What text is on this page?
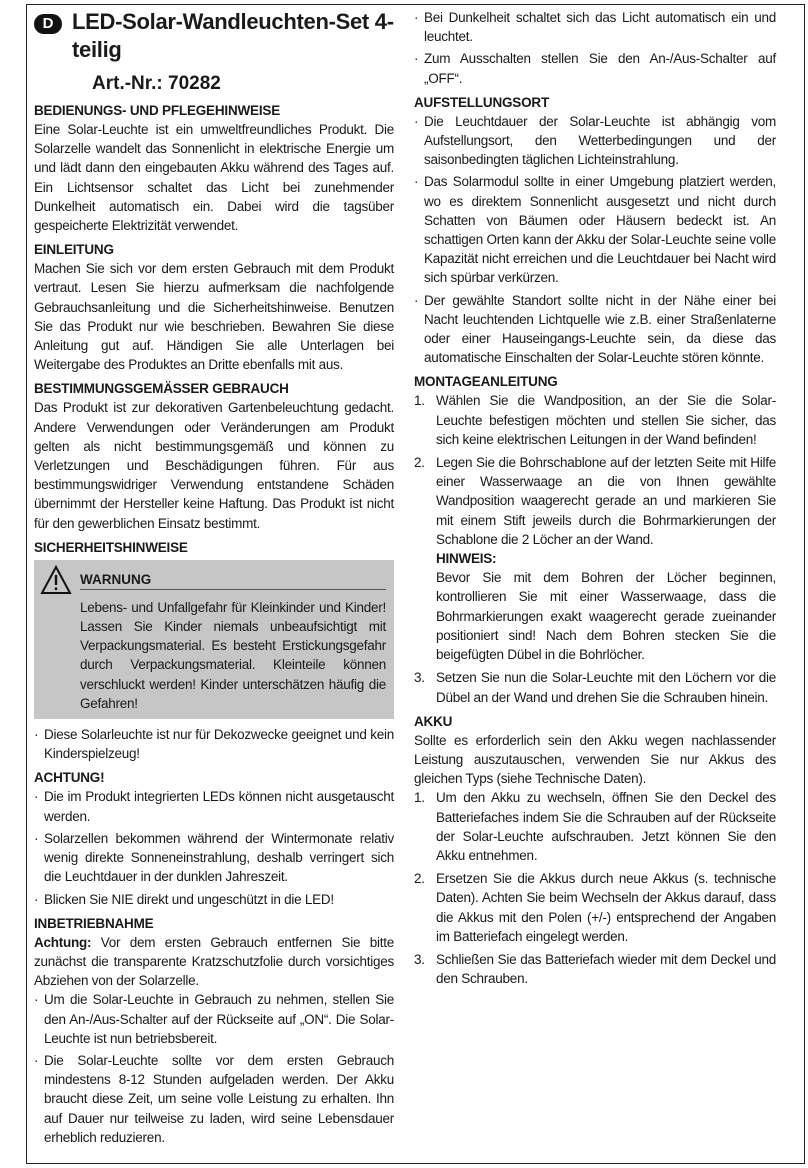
D LED-Solar-Wandleuchten-Set 4-teilig
Art.-Nr.: 70282
BEDIENUNGS- UND PFLEGEHINWEISE

Eine Solar-Leuchte ist ein umweltfreundliches Produkt. Die Solarzelle wandelt das Sonnenlicht in elektrische Energie um und lädt dann den eingebauten Akku während des Tages auf. Ein Lichtsensor schaltet das Licht bei zunehmender Dunkelheit automatisch ein. Dabei wird die tagsüber gespeicherte Elektrizität verwendet.

EINLEITUNG

Machen Sie sich vor dem ersten Gebrauch mit dem Produkt vertraut. Lesen Sie hierzu aufmerksam die nachfolgende Gebrauchsanleitung und die Sicherheitshinweise. Benutzen Sie das Produkt nur wie beschrieben. Bewahren Sie diese Anleitung gut auf. Händigen Sie alle Unterlagen bei Weitergabe des Produktes an Dritte ebenfalls mit aus.

BESTIMMUNGSGEMÄSSER GEBRAUCH

Das Produkt ist zur dekorativen Gartenbeleuchtung gedacht. Andere Verwendungen oder Veränderungen am Produkt gelten als nicht bestimmungsgemäß und können zu Verletzungen und Beschädigungen führen. Für aus bestimmungswidriger Verwendung entstandene Schäden übernimmt der Hersteller keine Haftung. Das Produkt ist nicht für den gewerblichen Einsatz bestimmt.

SICHERHEITSHINWEISE
WARNUNG

Lebens- und Unfallgefahr für Kleinkinder und Kinder! Lassen Sie Kinder niemals unbeaufsichtigt mit Verpackungsmaterial. Es besteht Erstickungsgefahr durch Verpackungsmaterial. Kleinteile können verschluckt werden! Kinder unterschätzen häufig die Gefahren!

· Diese Solarleuchte ist nur für Dekozwecke geeignet und kein Kinderspielzeug!

ACHTUNG!

· Die im Produkt integrierten LEDs können nicht ausgetauscht werden.

· Solarzellen bekommen während der Wintermonate relativ wenig direkte Sonneneinstrahlung, deshalb verringert sich die Leuchtdauer in der dunklen Jahreszeit.

· Blicken Sie NIE direkt und ungeschützt in die LED!

INBETRIEBNAHME

Achtung: Vor dem ersten Gebrauch entfernen Sie bitte zunächst die transparente Kratzschutzfolie durch vorsichtiges Abziehen von der Solarzelle.

· Um die Solar-Leuchte in Gebrauch zu nehmen, stellen Sie den An-/Aus-Schalter auf der Rückseite auf „ON“. Die Solar-Leuchte ist nun betriebsbereit.

· Die Solar-Leuchte sollte vor dem ersten Gebrauch mindestens 8-12 Stunden aufgeladen werden. Der Akku braucht diese Zeit, um seine volle Leistung zu erhalten. Ihn auf Dauer nur teilweise zu laden, wird seine Lebensdauer erheblich reduzieren.

· Bei Dunkelheit schaltet sich das Licht automatisch ein und leuchtet.

· Zum Ausschalten stellen Sie den An-/Aus-Schalter auf „OFF“.

AUFSTELLUNGSORT

· Die Leuchtdauer der Solar-Leuchte ist abhängig vom Aufstellungsort, den Wetterbedingungen und der saisonbedingten täglichen Lichteinstrahlung.

· Das Solarmodul sollte in einer Umgebung platziert werden, wo es direktem Sonnenlicht ausgesetzt und nicht durch Schatten von Bäumen oder Häusern bedeckt ist. An schattigen Orten kann der Akku der Solar-Leuchte seine volle Kapazität nicht erreichen und die Leuchtdauer bei Nacht wird sich spürbar verkürzen.

· Der gewählte Standort sollte nicht in der Nähe einer bei Nacht leuchtenden Lichtquelle wie z.B. einer Straßenlaterne oder einer Hauseingangs-Leuchte sein, da diese das automatische Einschalten der Solar-Leuchte stören könnte.

MONTAGEANLEITUNG
1. Wählen Sie die Wandposition, an der Sie die Solar-Leuchte befestigen möchten und stellen Sie sicher, das sich keine elektrischen Leitungen in der Wand befinden!
2. Legen Sie die Bohrschablone auf der letzten Seite mit Hilfe einer Wasserwaage an die von Ihnen gewählte Wandposition waagerecht gerade an und markieren Sie mit einem Stift jeweils durch die Bohrmarkierungen der Schablone die 2 Löcher an der Wand.
HINWEIS:
Bevor Sie mit dem Bohren der Löcher beginnen, kontrollieren Sie mit einer Wasserwaage, dass die Bohrmarkierungen exakt waagerecht gerade zueinander positioniert sind! Nach dem Bohren stecken Sie die beigefügten Dübel in die Bohrlöcher.
3. Setzen Sie nun die Solar-Leuchte mit den Löchern vor die Dübel an der Wand und drehen Sie die Schrauben hinein.
AKKU

Sollte es erforderlich sein den Akku wegen nachlassender Leistung auszutauschen, verwenden Sie nur Akkus des gleichen Typs (siehe Technische Daten).

1. Um den Akku zu wechseln, öffnen Sie den Deckel des Batteriefaches indem Sie die Schrauben auf der Rückseite der Solar-Leuchte aufschrauben. Jetzt können Sie den Akku entnehmen.
2. Ersetzen Sie die Akkus durch neue Akkus (s. technische Daten). Achten Sie beim Wechseln der Akkus darauf, dass die Akkus mit den Polen (+/-) entsprechend der Angaben im Batteriefach eingelegt werden.
3. Schließen Sie das Batteriefach wieder mit dem Deckel und den Schrauben.
